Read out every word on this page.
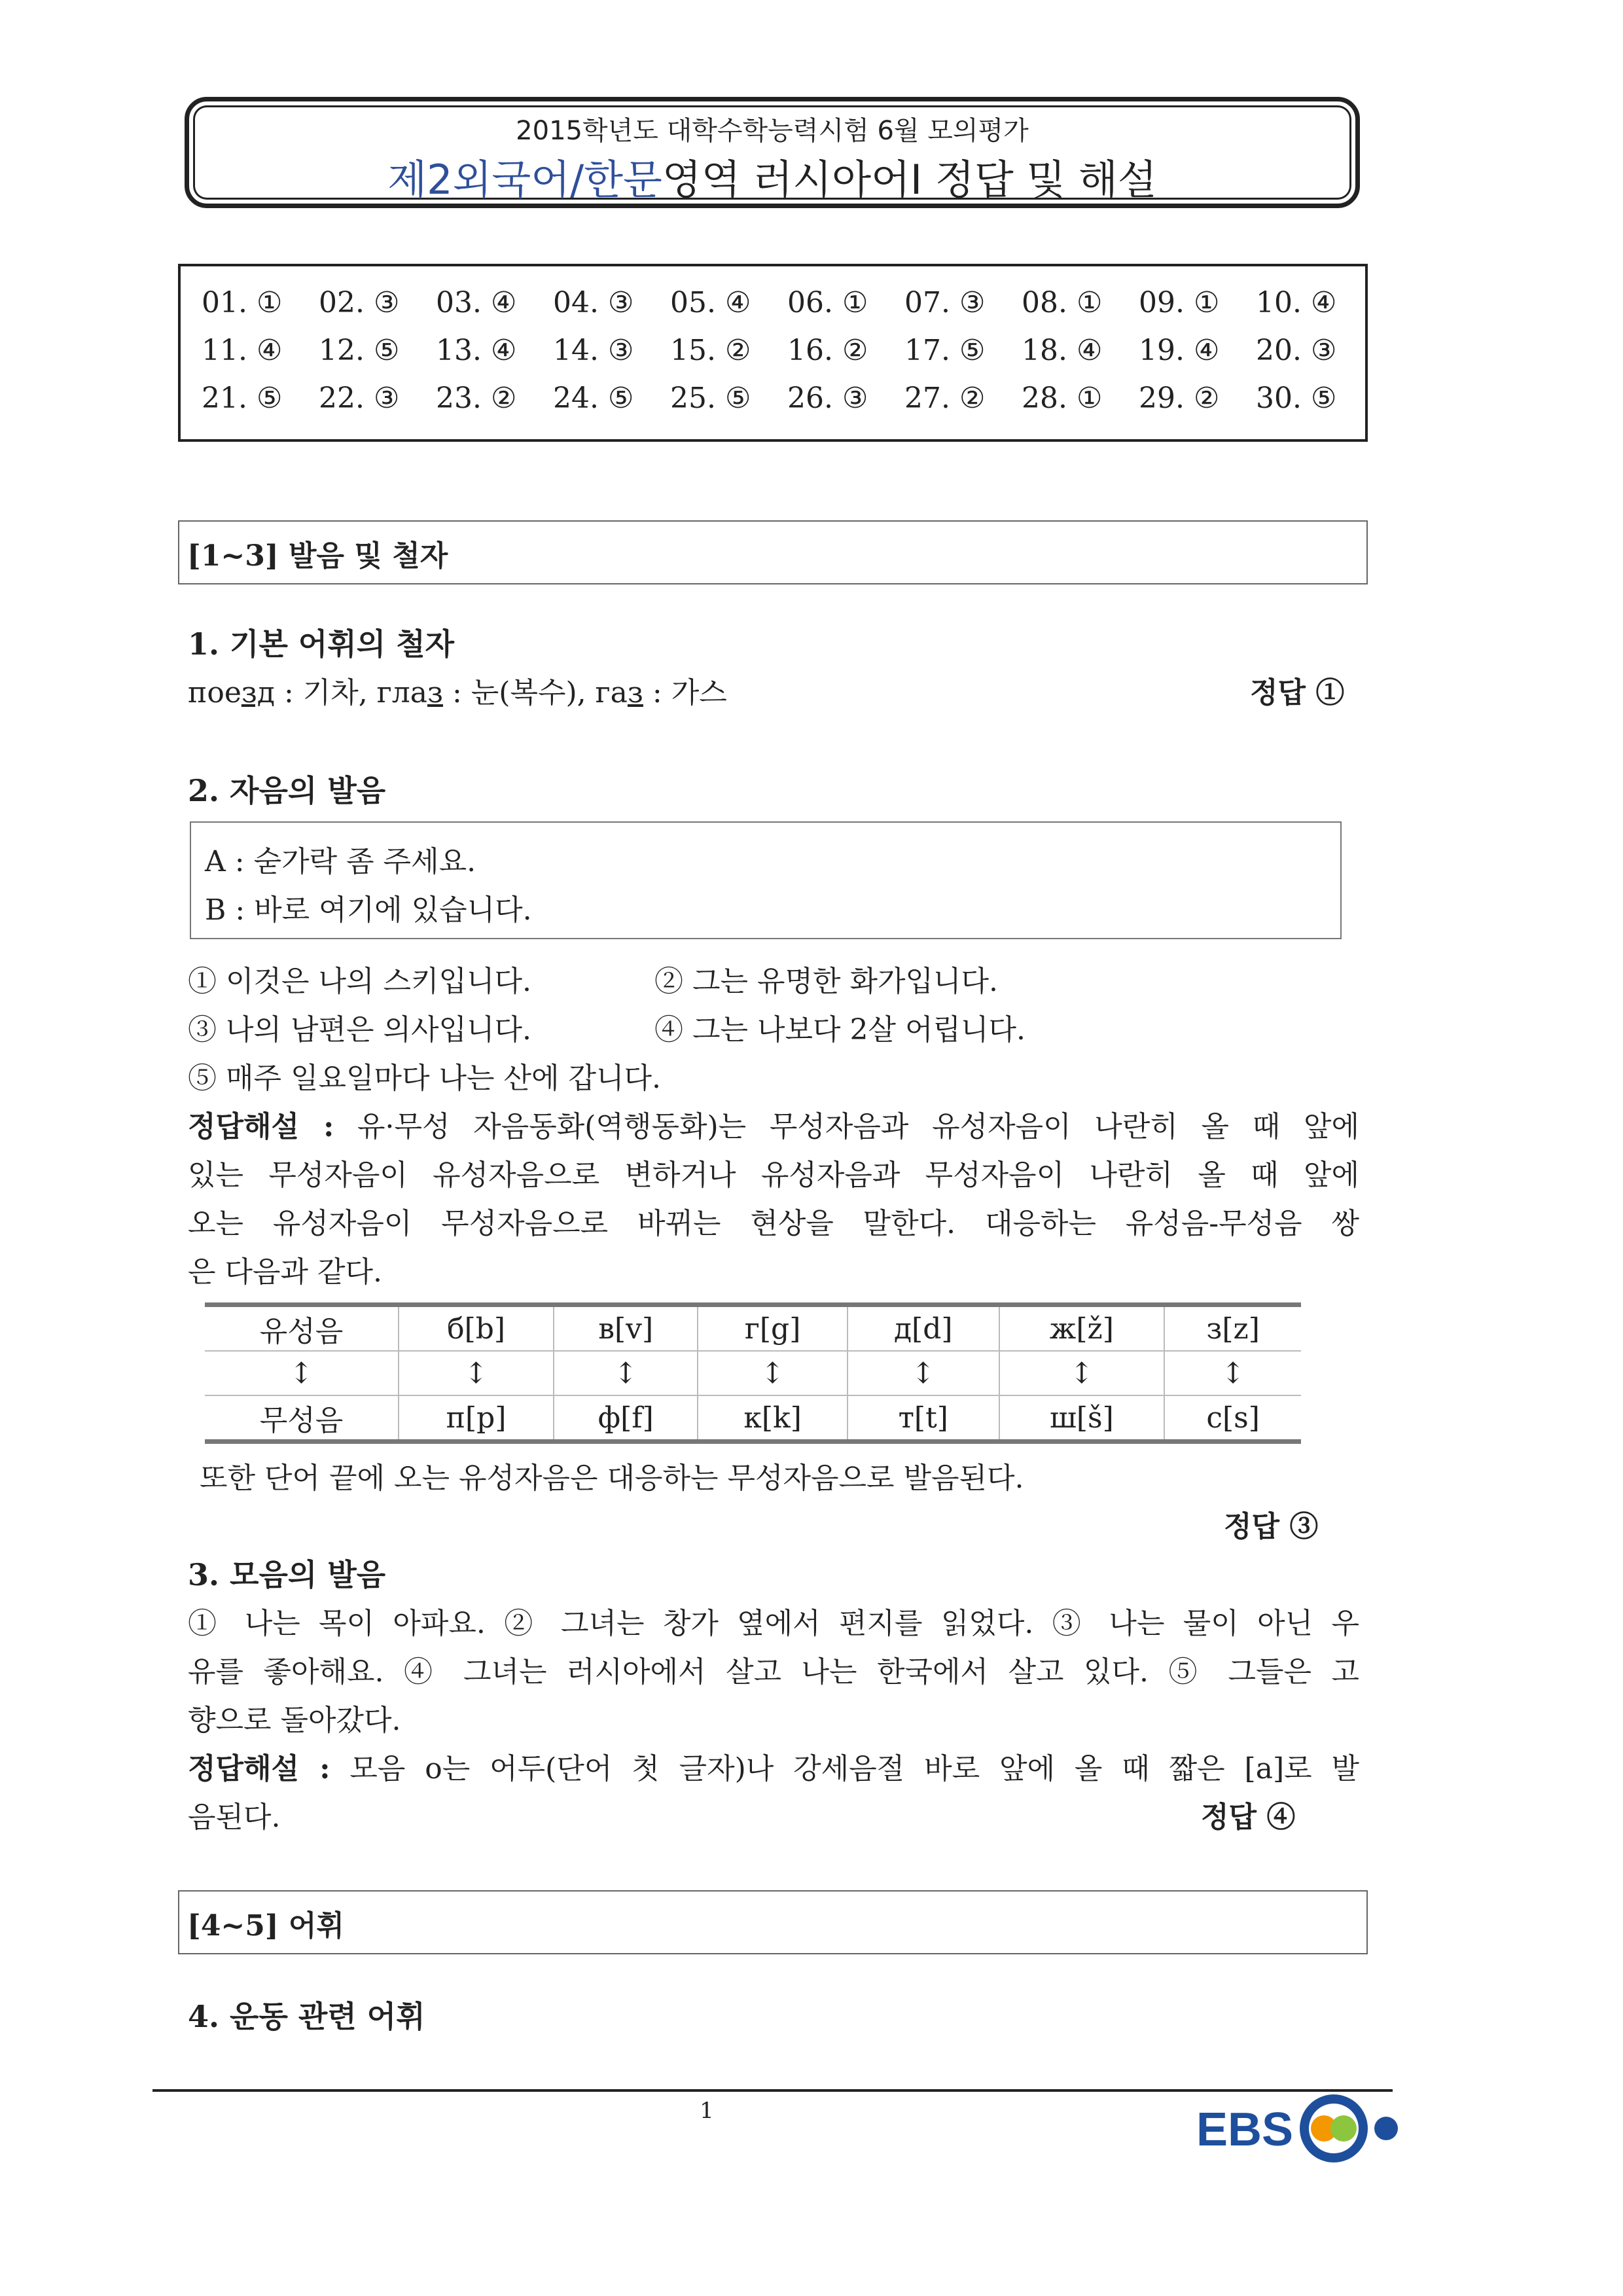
2015학년도 대학수학능력시험 6월 모의평가
제2외국어/한문영역 러시아어Ⅰ 정답 및 해설
01. ① 02. ③ 03. ④ 04. ③ 05. ④ 06. ① 07. ③ 08. ① 09. ① 10. ④
11. ④ 12. ⑤ 13. ④ 14. ③ 15. ② 16. ② 17. ⑤ 18. ④ 19. ④ 20. ③
21. ⑤ 22. ③ 23. ② 24. ⑤ 25. ⑤ 26. ③ 27. ② 28. ① 29. ② 30. ⑤
[1~3] 발음 및 철자
1. 기본 어휘의 철자
поезд : 기차, глаз : 눈(복수), газ : 가스	정답 ①
2. 자음의 발음
A : 숟가락 좀 주세요.
B : 바로 여기에 있습니다.
① 이것은 나의 스키입니다.	② 그는 유명한 화가입니다.
③ 나의 남편은 의사입니다.	④ 그는 나보다 2살 어립니다.
⑤ 매주 일요일마다 나는 산에 갑니다.
정답해설 : 유·무성 자음동화(역행동화)는 무성자음과 유성자음이 나란히 올 때 앞에
있는 무성자음이 유성자음으로 변하거나 유성자음과 무성자음이 나란히 올 때 앞에
오는 유성자음이 무성자음으로 바뀌는 현상을 말한다. 대응하는 유성음-무성음 쌍
은 다음과 같다.
유성음	б[b]	в[v]	г[g]	д[d]	ж[ž]	з[z]
↕	↕	↕	↕	↕	↕	↕
무성음	п[p]	ф[f]	к[k]	т[t]	ш[š]	с[s]
또한 단어 끝에 오는 유성자음은 대응하는 무성자음으로 발음된다.
정답 ③
3. 모음의 발음
① 나는 목이 아파요. ② 그녀는 창가 옆에서 편지를 읽었다. ③ 나는 물이 아닌 우
유를 좋아해요. ④ 그녀는 러시아에서 살고 나는 한국에서 살고 있다. ⑤ 그들은 고
향으로 돌아갔다.
정답해설 : 모음 o는 어두(단어 첫 글자)나 강세음절 바로 앞에 올 때 짧은 [a]로 발
음된다.	정답 ④
[4~5] 어휘
4. 운동 관련 어휘
1	EBS
